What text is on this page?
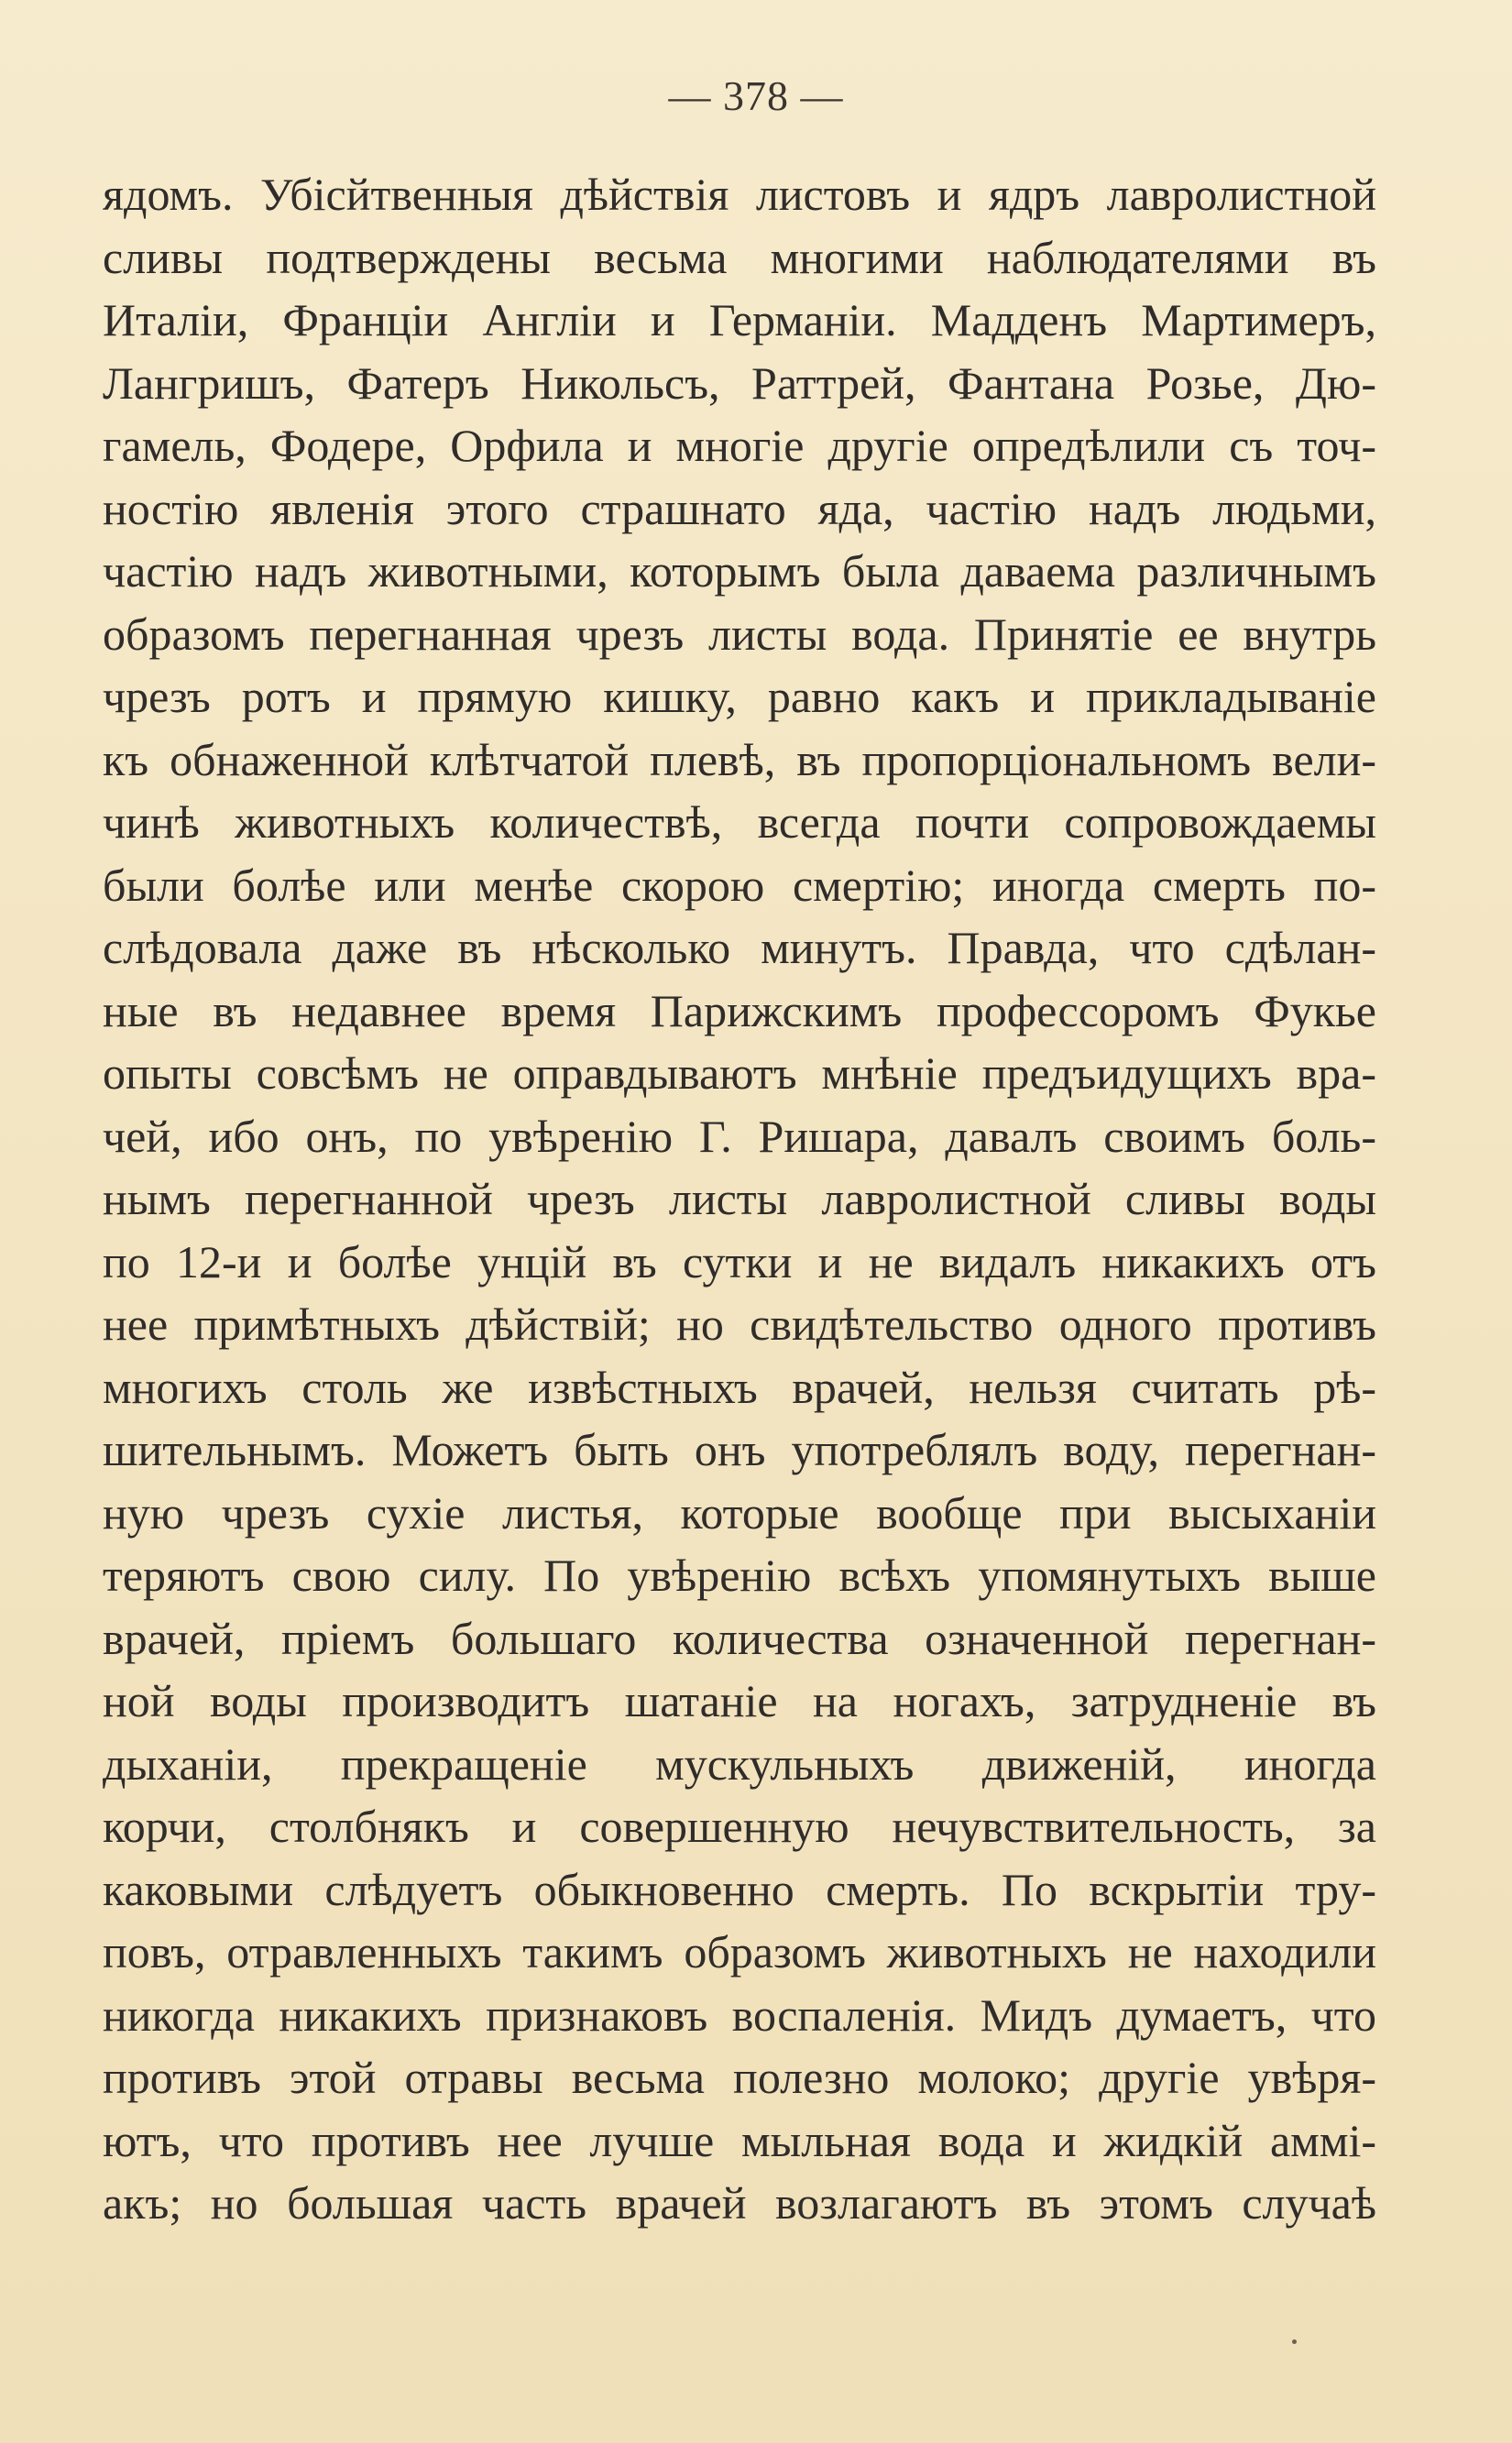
— 378 —
ядомъ. Убiсйтвенныя дѣйствiя листовъ и ядръ лавролистной
сливы подтверждены весьма многими наблюдателями въ
Италiи, Францiи Англiи и Германiи. Мадденъ Мартимеръ,
Лангришъ, Фатеръ Никольсъ, Раттрей, Фантана Розье, Дю-
гамель, Фодере, Орфила и многiе другiе опредѣлили съ точ-
ностiю явленiя этого страшнато яда, частiю надъ людьми,
частiю надъ животными, которымъ была даваема различнымъ
образомъ перегнанная чрезъ листы вода. Принятiе ее внутрь
чрезъ ротъ и прямую кишку, равно какъ и прикладыванiе
къ обнаженной клѣтчатой плевѣ, въ пропорцiональномъ вели-
чинѣ животныхъ количествѣ, всегда почти сопровождаемы
были болѣе или менѣе скорою смертiю; иногда смерть по-
слѣдовала даже въ нѣсколько минутъ. Правда, что сдѣлан-
ные въ недавнее время Парижскимъ профессоромъ Фукье
опыты совсѣмъ не оправдываютъ мнѣнiе предъидущихъ вра-
чей, ибо онъ, по увѣренiю Г. Ришара, давалъ своимъ боль-
нымъ перегнанной чрезъ листы лавролистной сливы воды
по 12-и и болѣе унцiй въ сутки и не видалъ никакихъ отъ
нее примѣтныхъ дѣйствiй; но свидѣтельство одного противъ
многихъ столь же извѣстныхъ врачей, нельзя считать рѣ-
шительнымъ. Можетъ быть онъ употреблялъ воду, перегнан-
ную чрезъ сухiе листья, которые вообще при высыханiи
теряютъ свою силу. По увѣренiю всѣхъ упомянутыхъ выше
врачей, прiемъ большаго количества означенной перегнан-
ной воды производитъ шатанiе на ногахъ, затрудненiе въ
дыханiи, прекращенiе мускульныхъ движенiй, иногда
корчи, столбнякъ и совершенную нечувствительность, за
каковыми слѣдуетъ обыкновенно смерть. По вскрытiи тру-
повъ, отравленныхъ такимъ образомъ животныхъ не находили
никогда никакихъ признаковъ воспаленiя. Мидъ думаетъ, что
противъ этой отравы весьма полезно молоко; другiе увѣря-
ютъ, что противъ нее лучше мыльная вода и жидкiй аммi-
акъ; но большая часть врачей возлагаютъ въ этомъ случаѣ
